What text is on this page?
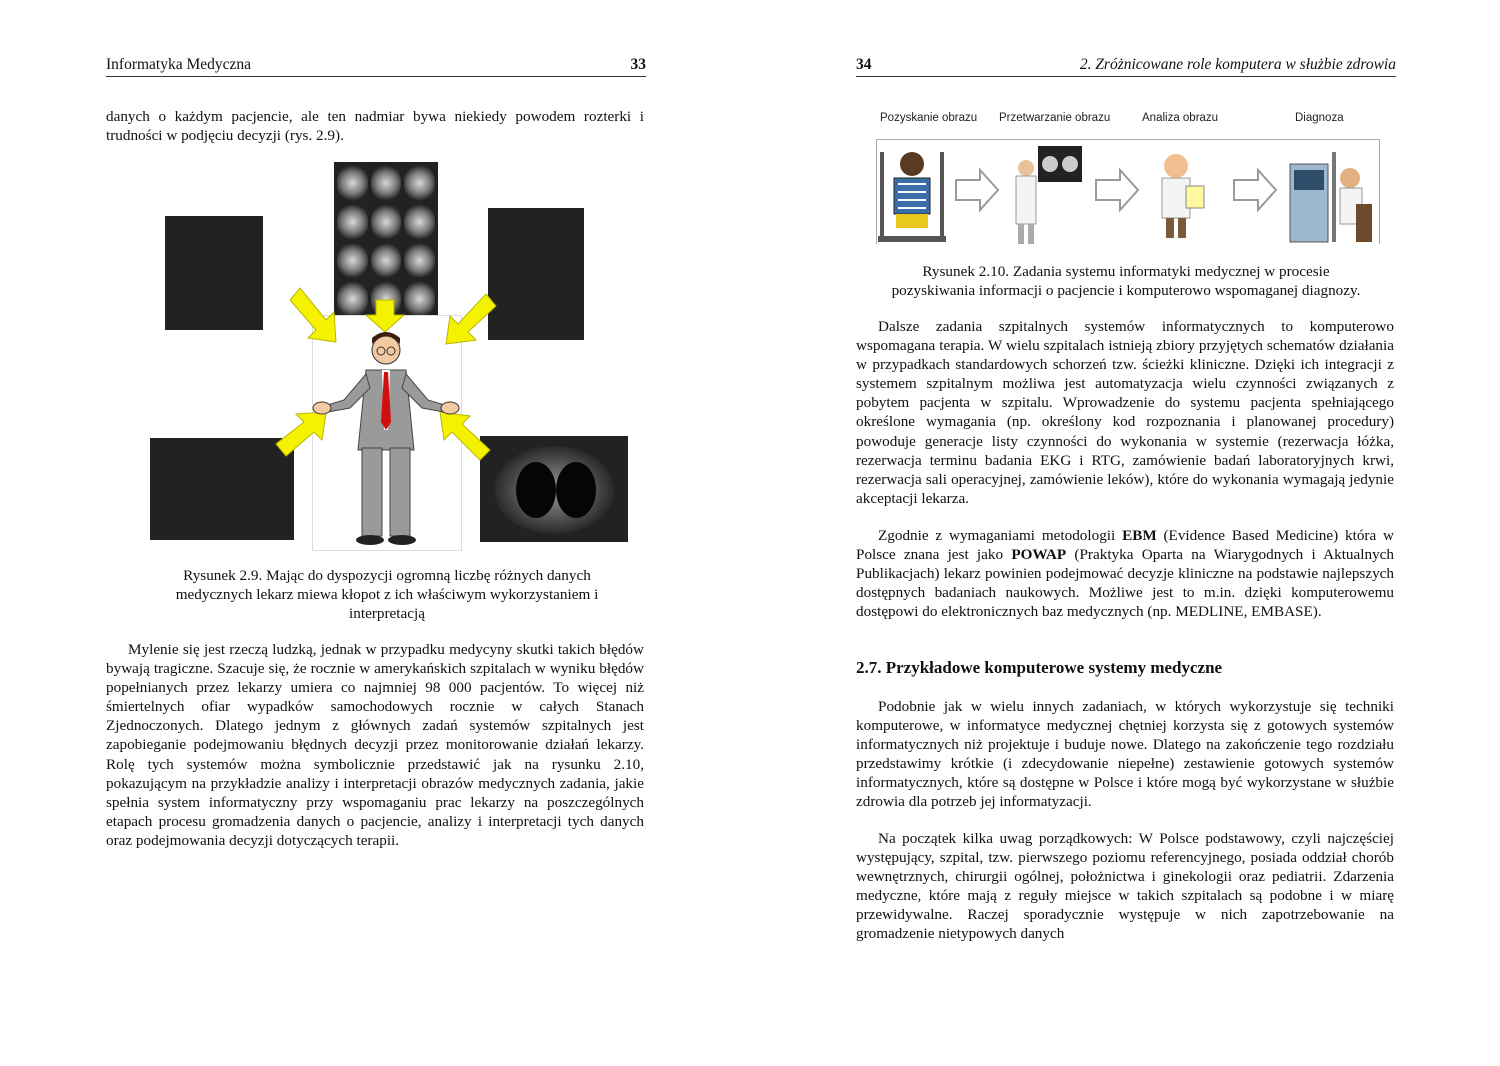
Informatyka Medyczna	33
danych o każdym pacjencie, ale ten nadmiar bywa niekiedy powodem rozterki i trudności w podjęciu decyzji (rys. 2.9).
Rysunek 2.9. Mając do dyspozycji ogromną liczbę różnych danych
medycznych lekarz miewa kłopot z ich właściwym wykorzystaniem i
interpretacją
Mylenie się jest rzeczą ludzką, jednak w przypadku medycyny skutki takich błędów bywają tragiczne. Szacuje się, że rocznie w amerykańskich szpitalach w wyniku błędów popełnianych przez lekarzy umiera co najmniej 98 000 pacjentów. To więcej niż śmiertelnych ofiar wypadków samochodowych rocznie w całych Stanach Zjednoczonych. Dlatego jednym z głównych zadań systemów szpitalnych jest zapobieganie podejmowaniu błędnych decyzji przez monitorowanie działań lekarzy. Rolę tych systemów można symbolicznie przedstawić jak na rysunku 2.10, pokazującym na przykładzie analizy i interpretacji obrazów medycznych zadania, jakie spełnia system informatyczny przy wspomaganiu prac lekarzy na poszczególnych etapach procesu gromadzenia danych o pacjencie, analizy i interpretacji tych danych oraz podejmowania decyzji dotyczących terapii.
34	2. Zróżnicowane role komputera w służbie zdrowia
Pozyskanie obrazu Przetwarzanie obrazu	Analiza obrazu	Diagnoza
Rysunek 2.10. Zadania systemu informatyki medycznej w procesie
pozyskiwania informacji o pacjencie i komputerowo wspomaganej diagnozy.
Dalsze zadania szpitalnych systemów informatycznych to komputerowo wspomagana terapia. W wielu szpitalach istnieją zbiory przyjętych schematów działania w przypadkach standardowych schorzeń tzw. ścieżki kliniczne. Dzięki ich integracji z systemem szpitalnym możliwa jest automatyzacja wielu czynności związanych z pobytem pacjenta w szpitalu. Wprowadzenie do systemu pacjenta spełniającego określone wymagania (np. określony kod rozpoznania i planowanej procedury) powoduje generacje listy czynności do wykonania w systemie (rezerwacja łóżka, rezerwacja terminu badania EKG i RTG, zamówienie badań laboratoryjnych krwi, rezerwacja sali operacyjnej, zamówienie leków), które do wykonania wymagają jedynie akceptacji lekarza.
Zgodnie z wymaganiami metodologii EBM (Evidence Based Medicine) która w Polsce znana jest jako POWAP (Praktyka Oparta na Wiarygodnych i Aktualnych Publikacjach) lekarz powinien podejmować decyzje kliniczne na podstawie najlepszych dostępnych badaniach naukowych. Możliwe jest to m.in. dzięki komputerowemu dostępowi do elektronicznych baz medycznych (np. MEDLINE, EMBASE).
2.7. Przykładowe komputerowe systemy medyczne
Podobnie jak w wielu innych zadaniach, w których wykorzystuje się techniki komputerowe, w informatyce medycznej chętniej korzysta się z gotowych systemów informatycznych niż projektuje i buduje nowe. Dlatego na zakończenie tego rozdziału przedstawimy krótkie (i zdecydowanie niepełne) zestawienie gotowych systemów informatycznych, które są dostępne w Polsce i które mogą być wykorzystane w służbie zdrowia dla potrzeb jej informatyzacji.
Na początek kilka uwag porządkowych: W Polsce podstawowy, czyli najczęściej występujący, szpital, tzw. pierwszego poziomu referencyjnego, posiada oddział chorób wewnętrznych, chirurgii ogólnej, położnictwa i ginekologii oraz pediatrii. Zdarzenia medyczne, które mają z reguły miejsce w takich szpitalach są podobne i w miarę przewidywalne. Raczej sporadycznie występuje w nich zapotrzebowanie na gromadzenie nietypowych danych
